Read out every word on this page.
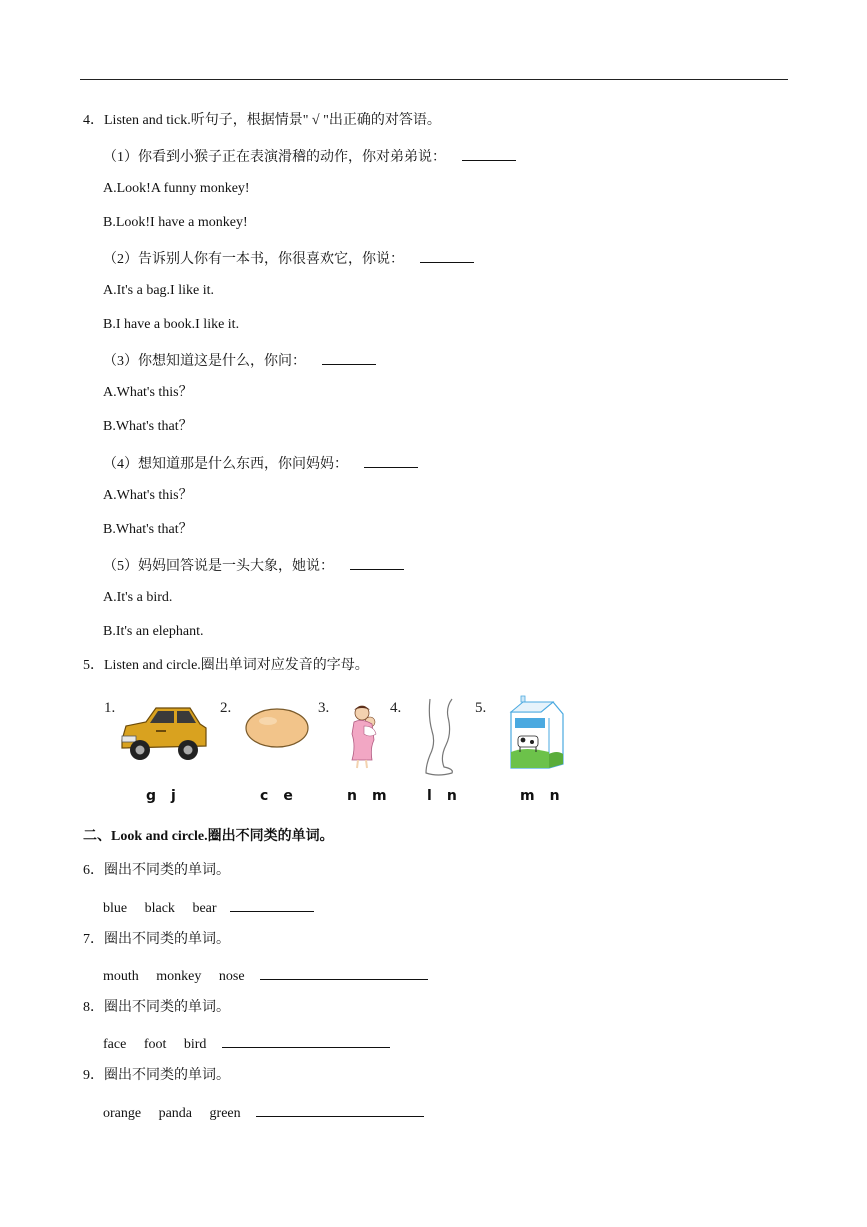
4．Listen and tick.听句子，根据情景" √ "出正确的对答语。
（1）你看到小猴子正在表演滑稽的动作，你对弟弟说：
A.Look!A funny monkey!
B.Look!I have a monkey!
（2）告诉别人你有一本书，你很喜欢它，你说：
A.It's a bag.I like it.
B.I have a book.I like it.
（3）你想知道这是什么，你问：
A.What's this？
B.What's that？
（4）想知道那是什么东西，你问妈妈：
A.What's this？
B.What's that？
（5）妈妈回答说是一头大象，她说：
A.It's a bird.
B.It's an elephant.
5．Listen and circle.圈出单词对应发音的字母。
1.
g j
2.
c e
3.
n m
4.
l n
5.
m n
二、Look and circle.圈出不同类的单词。
6．圈出不同类的单词。
blue black bear
7．圈出不同类的单词。
mouth monkey nose
8．圈出不同类的单词。
face foot bird
9．圈出不同类的单词。
orange panda green
